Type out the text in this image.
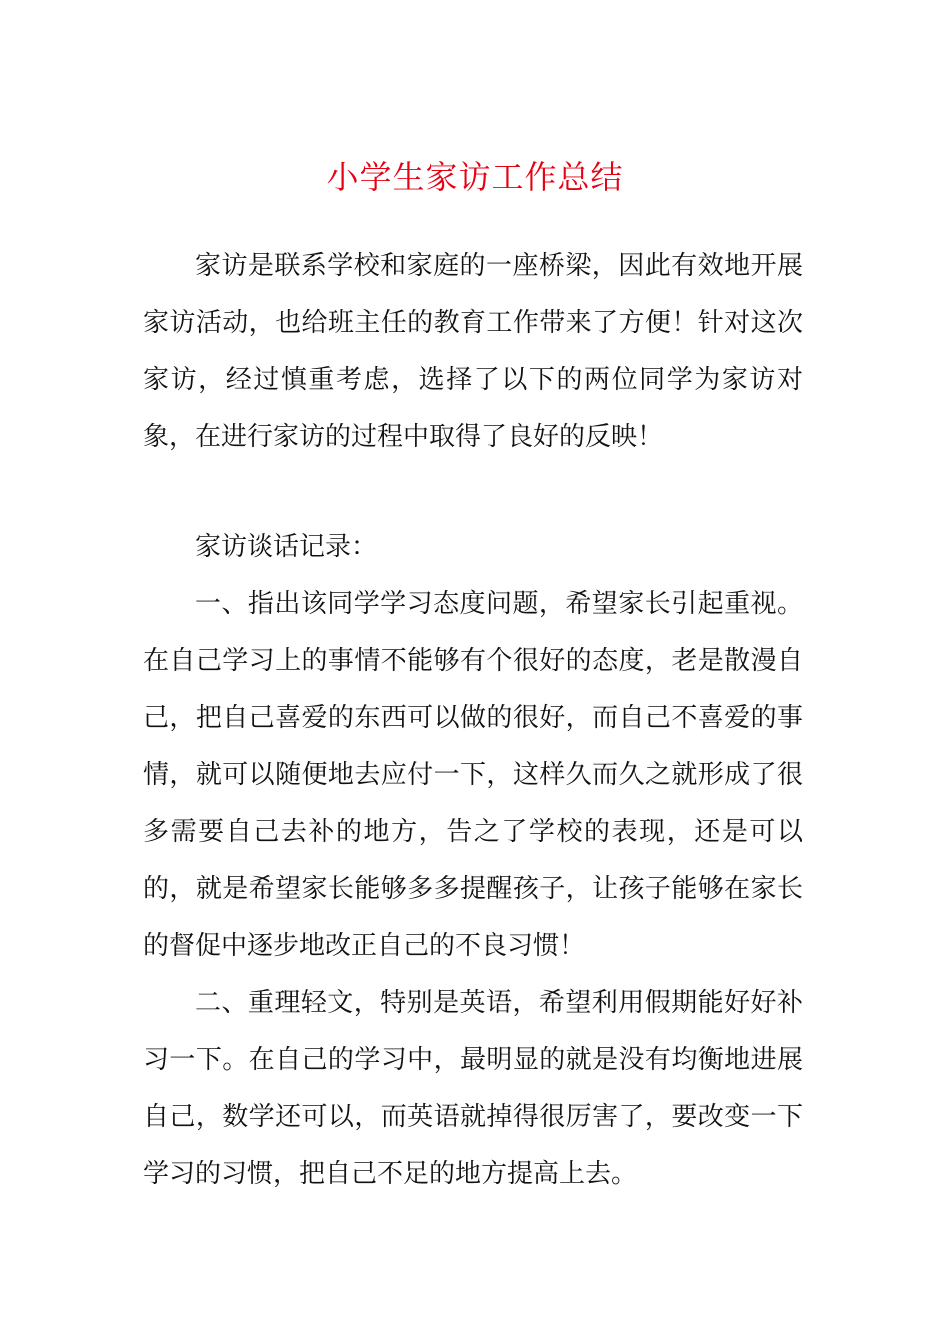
小学生家访工作总结

家访是联系学校和家庭的一座桥梁，因此有效地开展家访活动，也给班主任的教育工作带来了方便！针对这次家访，经过慎重考虑，选择了以下的两位同学为家访对象，在进行家访的过程中取得了良好的反映！

家访谈话记录：

一、指出该同学学习态度问题，希望家长引起重视。在自己学习上的事情不能够有个很好的态度，老是散漫自己，把自己喜爱的东西可以做的很好，而自己不喜爱的事情，就可以随便地去应付一下，这样久而久之就形成了很多需要自己去补的地方，告之了学校的表现，还是可以的，就是希望家长能够多多提醒孩子，让孩子能够在家长的督促中逐步地改正自己的不良习惯！

二、重理轻文，特别是英语，希望利用假期能好好补习一下。在自己的学习中，最明显的就是没有均衡地进展自己，数学还可以，而英语就掉得很厉害了，要改变一下学习的习惯，把自己不足的地方提高上去。
